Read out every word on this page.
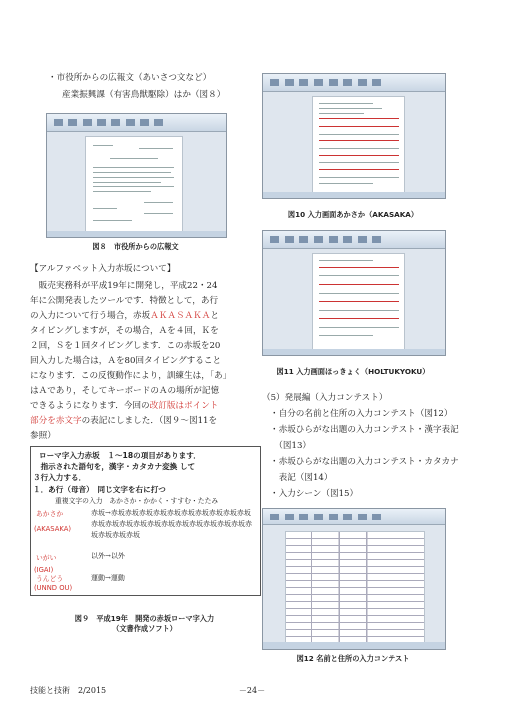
・市役所からの広報文（あいさつ文など）
産業振興課（有害鳥獣駆除）はか（図８）
図８　市役所からの広報文
【アルファベット入力赤坂について】
　販売実務科が平成19年に開発し，平成22・24
年に公開発表したツールです．特徴として，あ行
の入力について行う場合，赤坂ＡＫＡＳＡＫＡと
タイピングしますが，その場合，Ａを４回，Ｋを
２回，Ｓを１回タイピングします．この赤坂を20
回入力した場合は，Ａを80回タイピングすること
になります．この反復動作により，訓練生は，「あ」
はＡであり，そしてキーボードのＡの場所が記憶
できるようになります．今回の改訂版はポイント
部分を赤文字の表記にしました．（図９～図11を
参照）
ローマ字入力赤坂　１～18の項目があります．
　指示された語句を，漢字・カタカナ変換 して
３行入力する．
１．あ行（母音）　同じ文字を右に打つ
重複文字の入力　あかさか・かかく・すすむ・たたみ
あかさか
(AKASAKA)
赤坂→赤坂赤坂赤坂赤坂赤坂赤坂赤坂赤坂赤坂赤坂赤坂赤坂赤坂赤坂赤坂赤坂赤坂赤坂赤坂赤坂赤坂赤坂赤坂赤坂赤坂
いがい
(IGAI)
以外→以外
うんどう
(UNND OU)
運動→運動
図９　平成19年　開発の赤坂ローマ字入力
（文書作成ソフト）
図10 入力画面あかさか（AKASAKA）
図11 入力画面ほっきょく（HOLTUKYOKU）
（5）発展編（入力コンテスト）
・自分の名前と住所の入力コンテスト（図12）
・赤坂ひらがな出題の入力コンテスト・漢字表記
　（図13）
・赤坂ひらがな出題の入力コンテスト・カタカナ
　表記（図14）
・入力シーン（図15）
図12 名前と住所の入力コンテスト
技能と技術　2/2015	－24－
